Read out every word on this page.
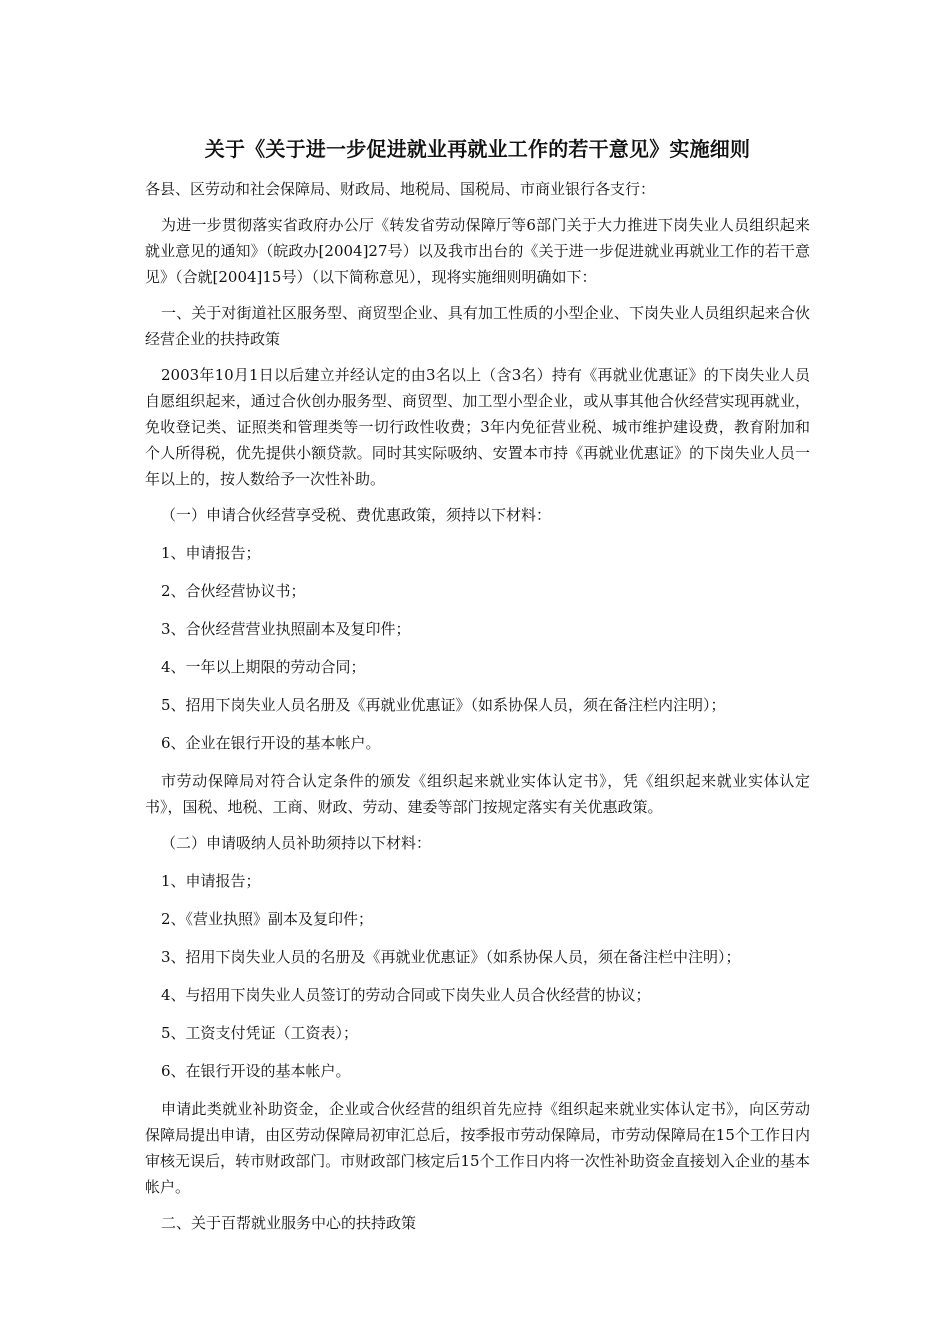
关于《关于进一步促进就业再就业工作的若干意见》实施细则

各县、区劳动和社会保障局、财政局、地税局、国税局、市商业银行各支行：

为进一步贯彻落实省政府办公厅《转发省劳动保障厅等6部门关于大力推进下岗失业人员组织起来就业意见的通知》（皖政办[2004]27号）以及我市出台的《关于进一步促进就业再就业工作的若干意见》（合就[2004]15号）（以下简称意见），现将实施细则明确如下：

一、关于对街道社区服务型、商贸型企业、具有加工性质的小型企业、下岗失业人员组织起来合伙经营企业的扶持政策

2003年10月1日以后建立并经认定的由3名以上（含3名）持有《再就业优惠证》的下岗失业人员自愿组织起来，通过合伙创办服务型、商贸型、加工型小型企业，或从事其他合伙经营实现再就业，免收登记类、证照类和管理类等一切行政性收费；3年内免征营业税、城市维护建设费，教育附加和个人所得税，优先提供小额贷款。同时其实际吸纳、安置本市持《再就业优惠证》的下岗失业人员一年以上的，按人数给予一次性补助。

（一）申请合伙经营享受税、费优惠政策，须持以下材料：
1、申请报告；
2、合伙经营协议书；
3、合伙经营营业执照副本及复印件；
4、一年以上期限的劳动合同；
5、招用下岗失业人员名册及《再就业优惠证》（如系协保人员，须在备注栏内注明）；
6、企业在银行开设的基本帐户。

市劳动保障局对符合认定条件的颁发《组织起来就业实体认定书》，凭《组织起来就业实体认定书》，国税、地税、工商、财政、劳动、建委等部门按规定落实有关优惠政策。

（二）申请吸纳人员补助须持以下材料：
1、申请报告；
2、《营业执照》副本及复印件；
3、招用下岗失业人员的名册及《再就业优惠证》（如系协保人员，须在备注栏中注明）；
4、与招用下岗失业人员签订的劳动合同或下岗失业人员合伙经营的协议；
5、工资支付凭证（工资表）；
6、在银行开设的基本帐户。

申请此类就业补助资金，企业或合伙经营的组织首先应持《组织起来就业实体认定书》，向区劳动保障局提出申请，由区劳动保障局初审汇总后，按季报市劳动保障局，市劳动保障局在15个工作日内审核无误后，转市财政部门。市财政部门核定后15个工作日内将一次性补助资金直接划入企业的基本帐户。

二、关于百帮就业服务中心的扶持政策
